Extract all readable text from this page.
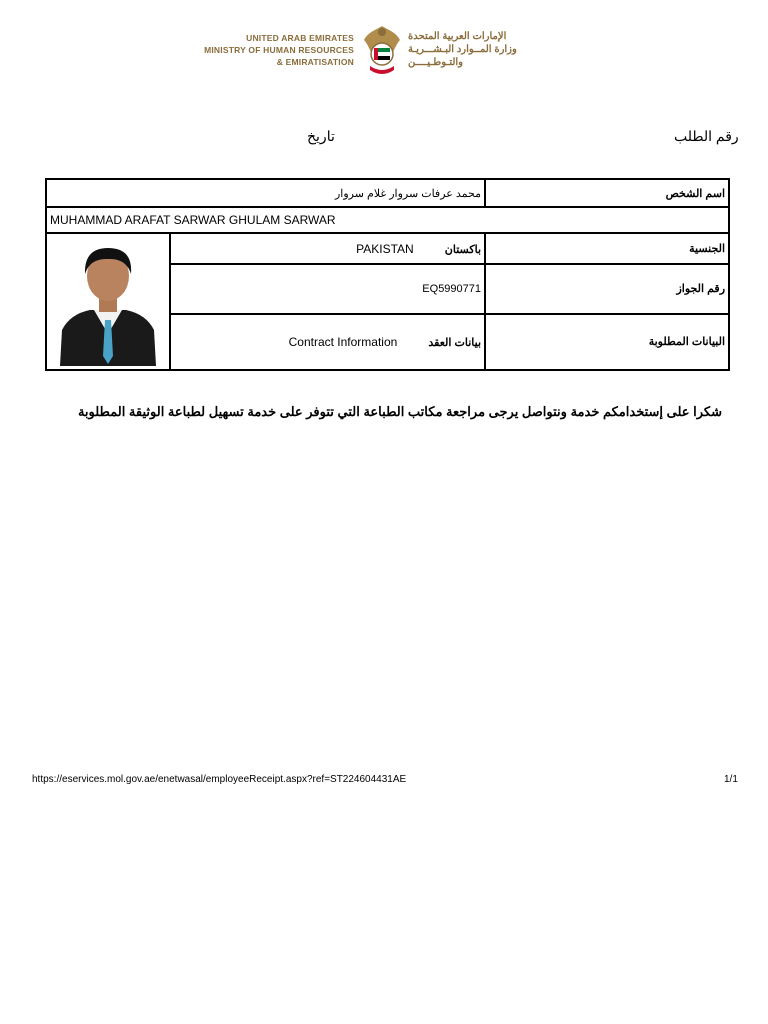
UNITED ARAB EMIRATES
MINISTRY OF HUMAN RESOURCES
& EMIRATISATION
الإمارات العربية المتحدة
وزارة المــوارد البـشـــريـة
والتـوطـيــــن
رقم الطلب
تاريخ
محمد عرفات سروار غلام سروار		اسم الشخص
MUHAMMAD ARAFAT SARWAR GHULAM SARWAR		
	باكستان PAKISTAN	الجنسية
	EQ5990771	رقم الجواز
	بيانات العقد Contract Information	البيانات المطلوبة
شكرا على إستخدامكم خدمة ونتواصل يرجى مراجعة مكاتب الطباعة التي تتوفر على خدمة تسهيل لطباعة الوثيقة المطلوبة
https://eservices.mol.gov.ae/enetwasal/employeeReceipt.aspx?ref=ST224604431AE	1/1
